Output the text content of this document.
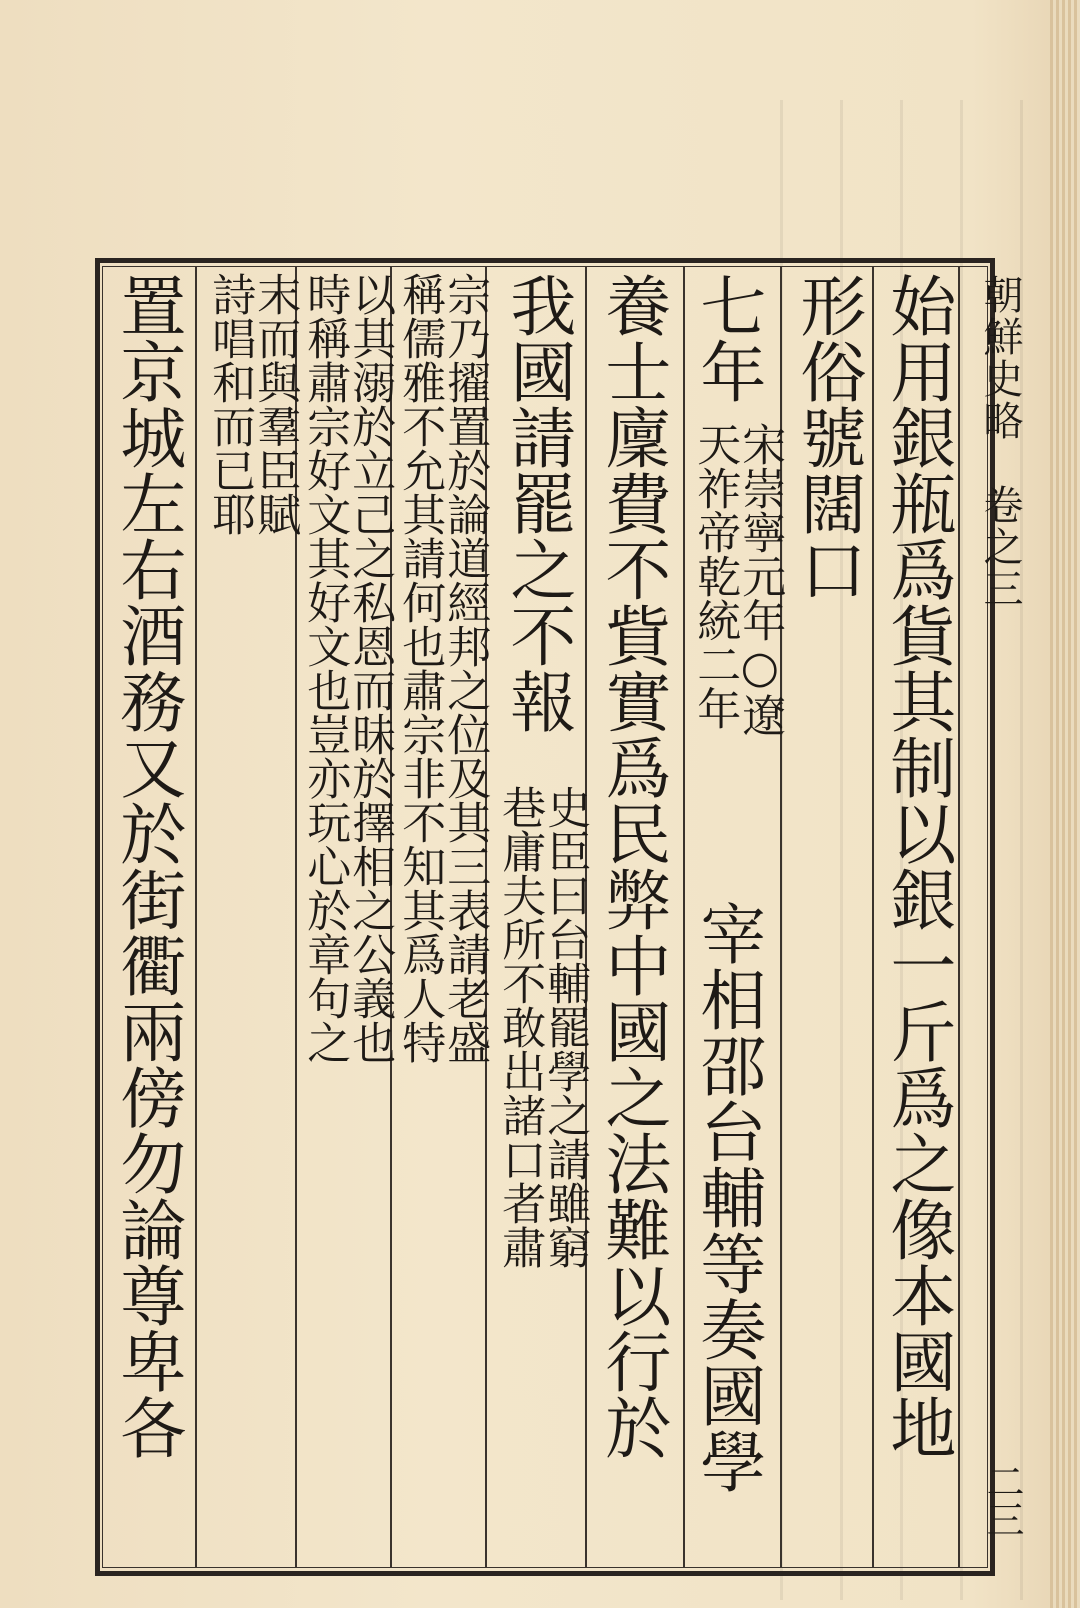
朝鮮史略　卷之三
二三
始用銀瓶爲貨其制以銀一斤爲之像本國地
形俗號闊口
七年
宋崇寧元年○遼
天祚帝乾統二年
宰相邵台輔等奏國學
養士廩費不貲實爲民弊中國之法難以行於
我國請罷之不報
史臣曰台輔罷學之請雖窮
巷庸夫所不敢出諸口者肅
宗乃擢置於論道經邦之位及其三表請老盛
稱儒雅不允其請何也肅宗非不知其爲人特
以其溺於立己之私恩而昧於擇相之公義也
時稱肅宗好文其好文也豈亦玩心於章句之
末而與羣臣賦
詩唱和而已耶
置京城左右酒務又於街衢兩傍勿論尊卑各
